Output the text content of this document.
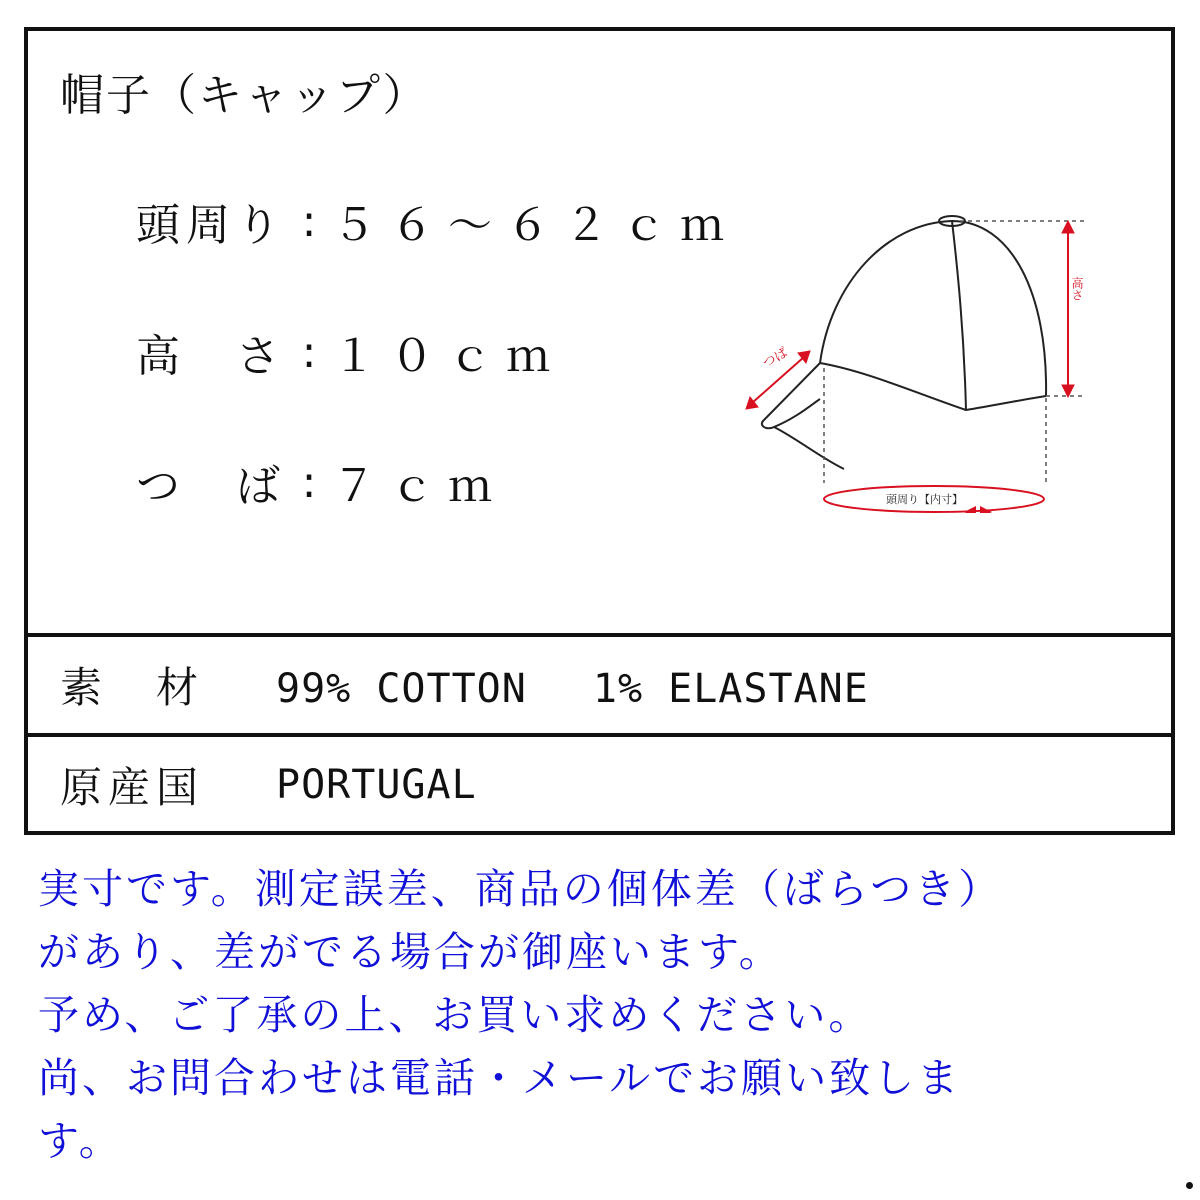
帽子（キャップ）
頭周り : ５６～６２ｃｍ
高　さ : １０ｃｍ
つ　ば : ７ｃｍ
つば
高さ
頭周り【内寸】
素　材	99% COTTON　 1% ELASTANE
原産国	PORTUGAL
実寸です。測定誤差、商品の個体差（ばらつき）
があり、差がでる場合が御座います。
予め、ご了承の上、お買い求めください。
尚、お問合わせは電話・メールでお願い致しま
す。
